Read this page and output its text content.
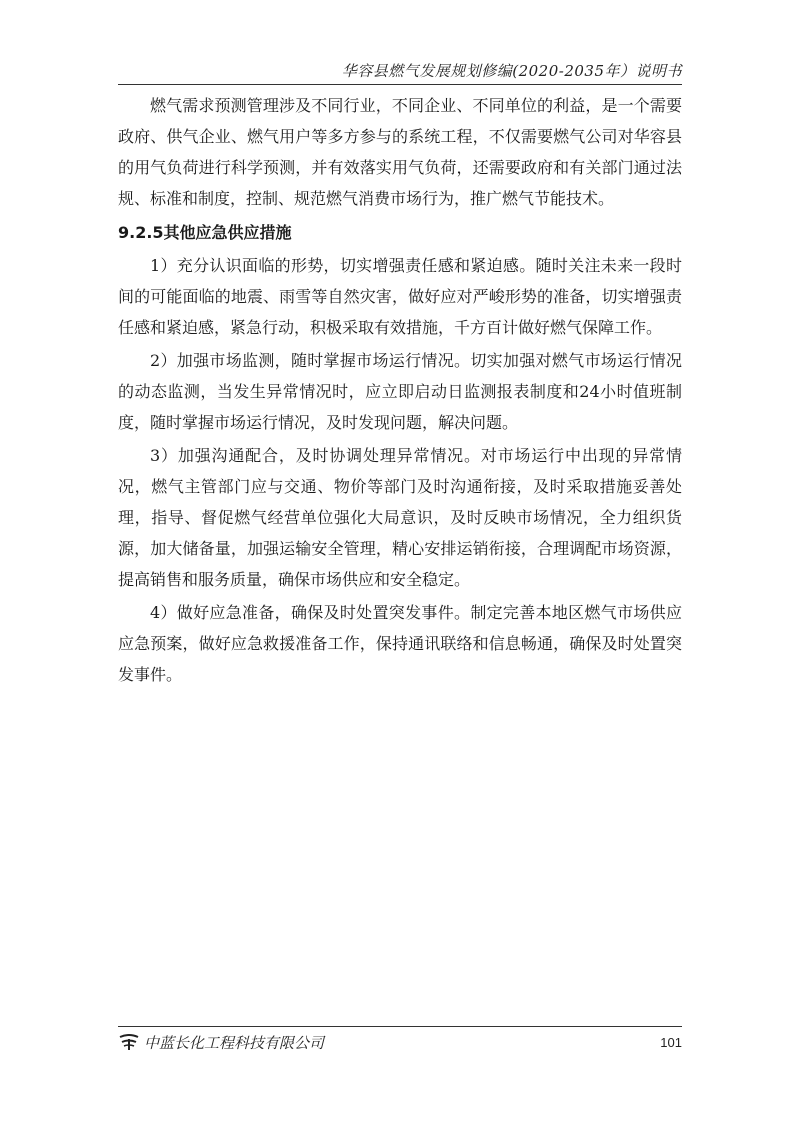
华容县燃气发展规划修编(2020-2035年）说明书

燃气需求预测管理涉及不同行业，不同企业、不同单位的利益，是一个需要政府、供气企业、燃气用户等多方参与的系统工程，不仅需要燃气公司对华容县的用气负荷进行科学预测，并有效落实用气负荷，还需要政府和有关部门通过法规、标准和制度，控制、规范燃气消费市场行为，推广燃气节能技术。

9.2.5其他应急供应措施

1）充分认识面临的形势，切实增强责任感和紧迫感。随时关注未来一段时间的可能面临的地震、雨雪等自然灾害，做好应对严峻形势的准备，切实增强责任感和紧迫感，紧急行动，积极采取有效措施，千方百计做好燃气保障工作。

2）加强市场监测，随时掌握市场运行情况。切实加强对燃气市场运行情况的动态监测，当发生异常情况时，应立即启动日监测报表制度和24小时值班制度，随时掌握市场运行情况，及时发现问题，解决问题。

3）加强沟通配合，及时协调处理异常情况。对市场运行中出现的异常情况，燃气主管部门应与交通、物价等部门及时沟通衔接，及时采取措施妥善处理，指导、督促燃气经营单位强化大局意识，及时反映市场情况，全力组织货源，加大储备量，加强运输安全管理，精心安排运销衔接，合理调配市场资源，提高销售和服务质量，确保市场供应和安全稳定。

4）做好应急准备，确保及时处置突发事件。制定完善本地区燃气市场供应应急预案，做好应急救援准备工作，保持通讯联络和信息畅通，确保及时处置突发事件。

中蓝长化工程科技有限公司	101
